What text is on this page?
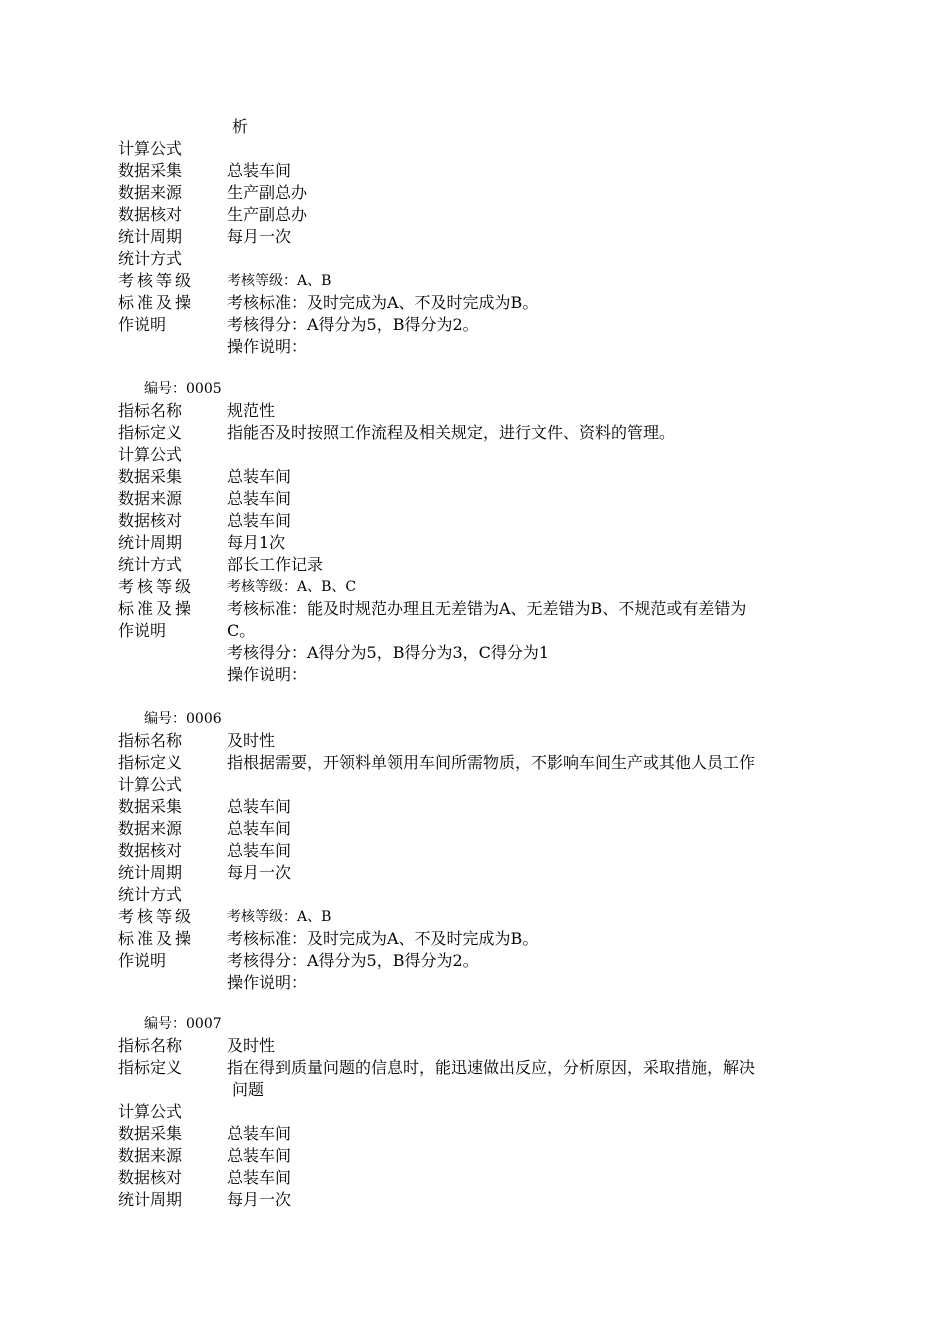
析
计算公式
数据采集	总装车间
数据来源	生产副总办
数据核对	生产副总办
统计周期	每月一次
统计方式
考核等级	考核等级：A、B
标准及操	考核标准：及时完成为A、不及时完成为B。
作说明	考核得分：A得分为5，B得分为2。
操作说明：
编号：0005
指标名称	规范性
指标定义	指能否及时按照工作流程及相关规定，进行文件、资料的管理。
计算公式
数据采集	总装车间
数据来源	总装车间
数据核对	总装车间
统计周期	每月1次
统计方式	部长工作记录
考核等级	考核等级：A、B、C
标准及操	考核标准：能及时规范办理且无差错为A、无差错为B、不规范或有差错为
作说明	C。
考核得分：A得分为5，B得分为3，C得分为1
操作说明：
编号：0006
指标名称	及时性
指标定义	指根据需要，开领料单领用车间所需物质，不影响车间生产或其他人员工作
计算公式
数据采集	总装车间
数据来源	总装车间
数据核对	总装车间
统计周期	每月一次
统计方式
考核等级	考核等级：A、B
标准及操	考核标准：及时完成为A、不及时完成为B。
作说明	考核得分：A得分为5，B得分为2。
操作说明：
编号：0007
指标名称	及时性
指标定义	指在得到质量问题的信息时，能迅速做出反应，分析原因，采取措施，解决
问题
计算公式
数据采集	总装车间
数据来源	总装车间
数据核对	总装车间
统计周期	每月一次
